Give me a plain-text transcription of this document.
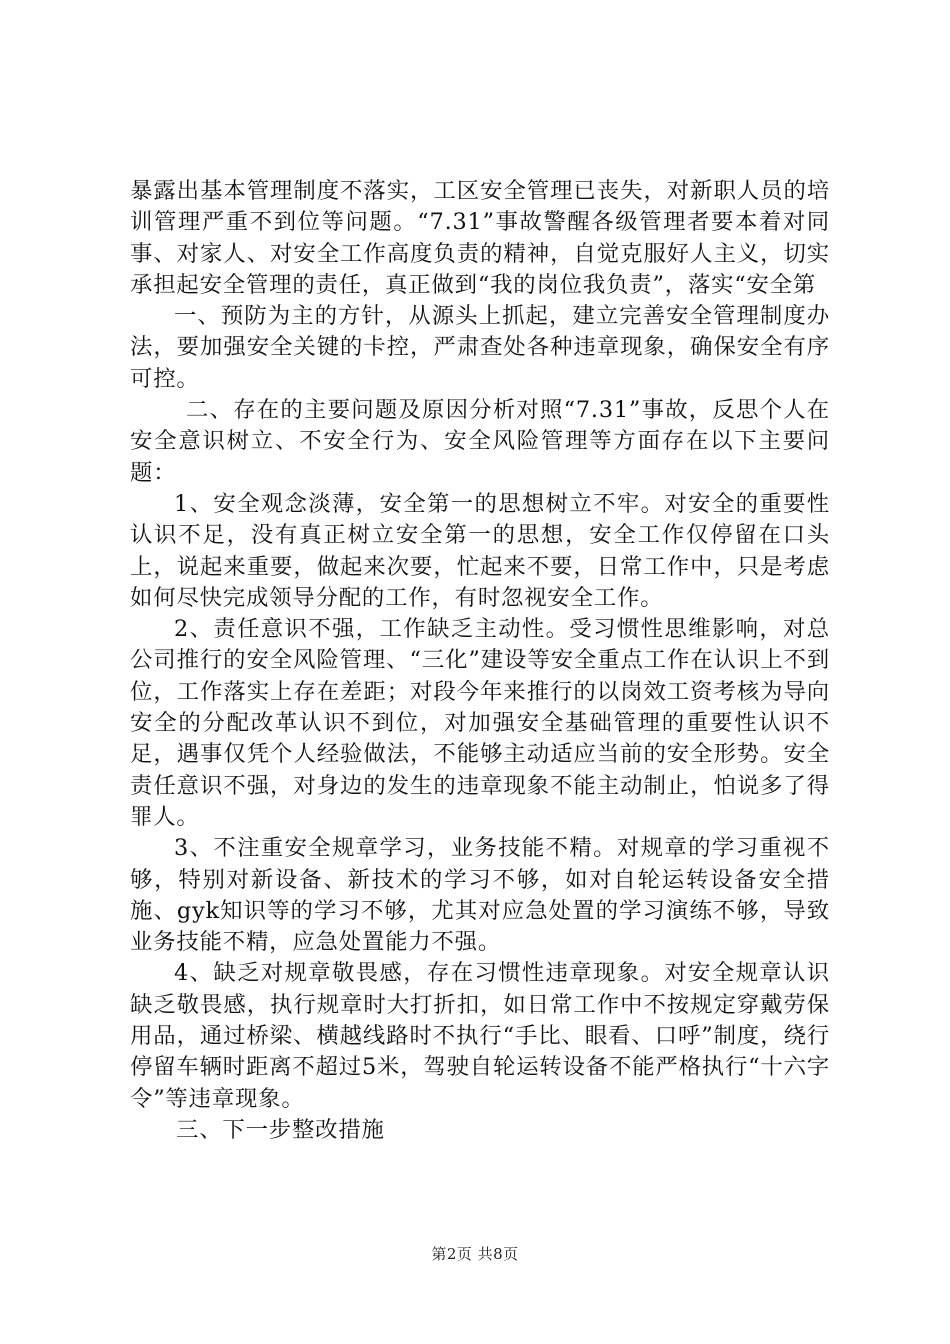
暴露出基本管理制度不落实，工区安全管理已丧失，对新职人员的培训管理严重不到位等问题。“7.31”事故警醒各级管理者要本着对同事、对家人、对安全工作高度负责的精神，自觉克服好人主义，切实承担起安全管理的责任，真正做到“我的岗位我负责”，落实“安全第

一、预防为主的方针，从源头上抓起，建立完善安全管理制度办法，要加强安全关键的卡控，严肃查处各种违章现象，确保安全有序可控。

二、存在的主要问题及原因分析对照“7.31”事故，反思个人在安全意识树立、不安全行为、安全风险管理等方面存在以下主要问题：

1、安全观念淡薄，安全第一的思想树立不牢。对安全的重要性认识不足，没有真正树立安全第一的思想，安全工作仅停留在口头上，说起来重要，做起来次要，忙起来不要，日常工作中，只是考虑如何尽快完成领导分配的工作，有时忽视安全工作。

2、责任意识不强，工作缺乏主动性。受习惯性思维影响，对总公司推行的安全风险管理、“三化”建设等安全重点工作在认识上不到位，工作落实上存在差距；对段今年来推行的以岗效工资考核为导向安全的分配改革认识不到位，对加强安全基础管理的重要性认识不足，遇事仅凭个人经验做法，不能够主动适应当前的安全形势。安全责任意识不强，对身边的发生的违章现象不能主动制止，怕说多了得罪人。

3、不注重安全规章学习，业务技能不精。对规章的学习重视不够，特别对新设备、新技术的学习不够，如对自轮运转设备安全措施、gyk知识等的学习不够，尤其对应急处置的学习演练不够，导致业务技能不精，应急处置能力不强。

4、缺乏对规章敬畏感，存在习惯性违章现象。对安全规章认识缺乏敬畏感，执行规章时大打折扣，如日常工作中不按规定穿戴劳保用品，通过桥梁、横越线路时不执行“手比、眼看、口呼”制度，绕行停留车辆时距离不超过5米，驾驶自轮运转设备不能严格执行“十六字令”等违章现象。

三、下一步整改措施

第2页 共8页
